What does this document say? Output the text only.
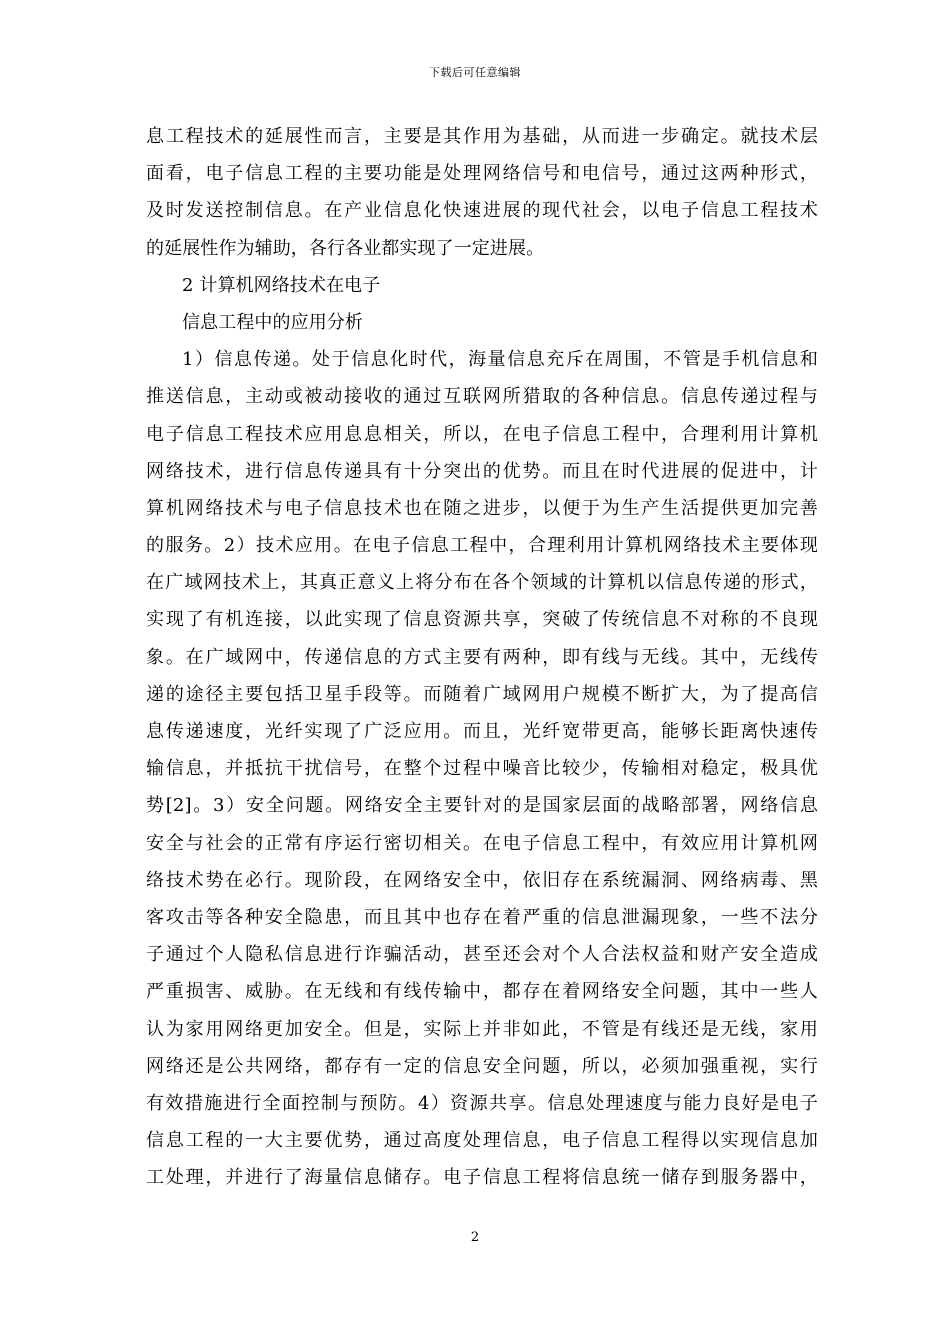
下载后可任意编辑
息工程技术的延展性而言，主要是其作用为基础，从而进一步确定。就技术层
面看，电子信息工程的主要功能是处理网络信号和电信号，通过这两种形式，
及时发送控制信息。在产业信息化快速进展的现代社会，以电子信息工程技术
的延展性作为辅助，各行各业都实现了一定进展。
2 计算机网络技术在电子
信息工程中的应用分析
1）信息传递。处于信息化时代，海量信息充斥在周围，不管是手机信息和
推送信息，主动或被动接收的通过互联网所猎取的各种信息。信息传递过程与
电子信息工程技术应用息息相关，所以，在电子信息工程中，合理利用计算机
网络技术，进行信息传递具有十分突出的优势。而且在时代进展的促进中，计
算机网络技术与电子信息技术也在随之进步，以便于为生产生活提供更加完善
的服务。2）技术应用。在电子信息工程中，合理利用计算机网络技术主要体现
在广域网技术上，其真正意义上将分布在各个领域的计算机以信息传递的形式，
实现了有机连接，以此实现了信息资源共享，突破了传统信息不对称的不良现
象。在广域网中，传递信息的方式主要有两种，即有线与无线。其中，无线传
递的途径主要包括卫星手段等。而随着广域网用户规模不断扩大，为了提高信
息传递速度，光纤实现了广泛应用。而且，光纤宽带更高，能够长距离快速传
输信息，并抵抗干扰信号，在整个过程中噪音比较少，传输相对稳定，极具优
势[2]。3）安全问题。网络安全主要针对的是国家层面的战略部署，网络信息
安全与社会的正常有序运行密切相关。在电子信息工程中，有效应用计算机网
络技术势在必行。现阶段，在网络安全中，依旧存在系统漏洞、网络病毒、黑
客攻击等各种安全隐患，而且其中也存在着严重的信息泄漏现象，一些不法分
子通过个人隐私信息进行诈骗活动，甚至还会对个人合法权益和财产安全造成
严重损害、威胁。在无线和有线传输中，都存在着网络安全问题，其中一些人
认为家用网络更加安全。但是，实际上并非如此，不管是有线还是无线，家用
网络还是公共网络，都存有一定的信息安全问题，所以，必须加强重视，实行
有效措施进行全面控制与预防。4）资源共享。信息处理速度与能力良好是电子
信息工程的一大主要优势，通过高度处理信息，电子信息工程得以实现信息加
工处理，并进行了海量信息储存。电子信息工程将信息统一储存到服务器中，
2
